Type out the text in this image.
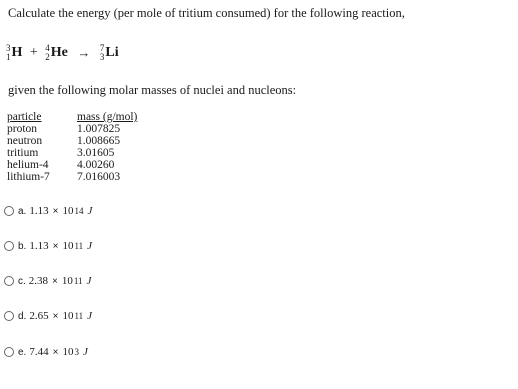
Calculate the energy (per mole of tritium consumed) for the following reaction,
3
1 H + 4
2 He → 7
3 Li
given the following molar masses of nuclei and nucleons:
particle	mass (g/mol)
proton	1.007825
neutron	1.008665
tritium	3.01605
helium-4	4.00260
lithium-7	7.016003
a. 1.13 × 10 14 J
b. 1.13 × 10 11 J
c. 2.38 × 10 11 J
d. 2.65 × 10 11 J
e. 7.44 × 10 3 J
